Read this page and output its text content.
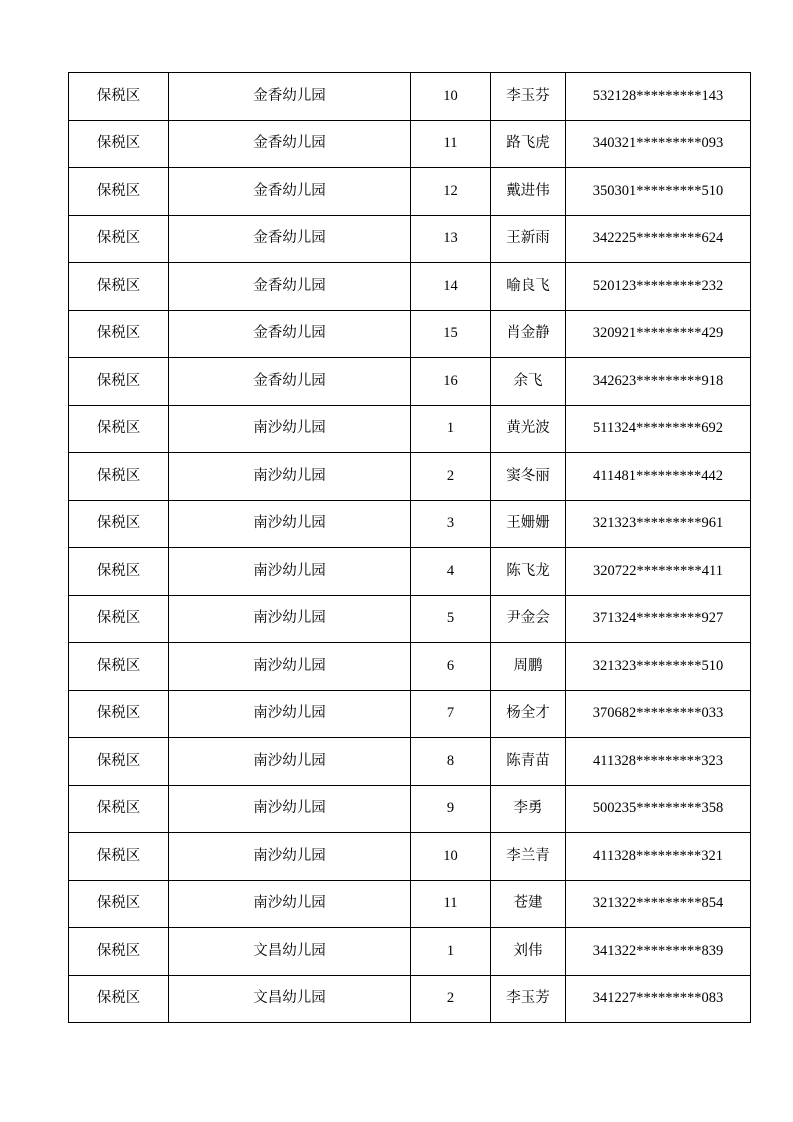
保税区	金香幼儿园	10	李玉芬	532128*********143
保税区	金香幼儿园	11	路飞虎	340321*********093
保税区	金香幼儿园	12	戴进伟	350301*********510
保税区	金香幼儿园	13	王新雨	342225*********624
保税区	金香幼儿园	14	喻良飞	520123*********232
保税区	金香幼儿园	15	肖金静	320921*********429
保税区	金香幼儿园	16	余飞	342623*********918
保税区	南沙幼儿园	1	黄光波	511324*********692
保税区	南沙幼儿园	2	窦冬丽	411481*********442
保税区	南沙幼儿园	3	王姗姗	321323*********961
保税区	南沙幼儿园	4	陈飞龙	320722*********411
保税区	南沙幼儿园	5	尹金会	371324*********927
保税区	南沙幼儿园	6	周鹏	321323*********510
保税区	南沙幼儿园	7	杨全才	370682*********033
保税区	南沙幼儿园	8	陈青苗	411328*********323
保税区	南沙幼儿园	9	李勇	500235*********358
保税区	南沙幼儿园	10	李兰青	411328*********321
保税区	南沙幼儿园	11	苍建	321322*********854
保税区	文昌幼儿园	1	刘伟	341322*********839
保税区	文昌幼儿园	2	李玉芳	341227*********083
